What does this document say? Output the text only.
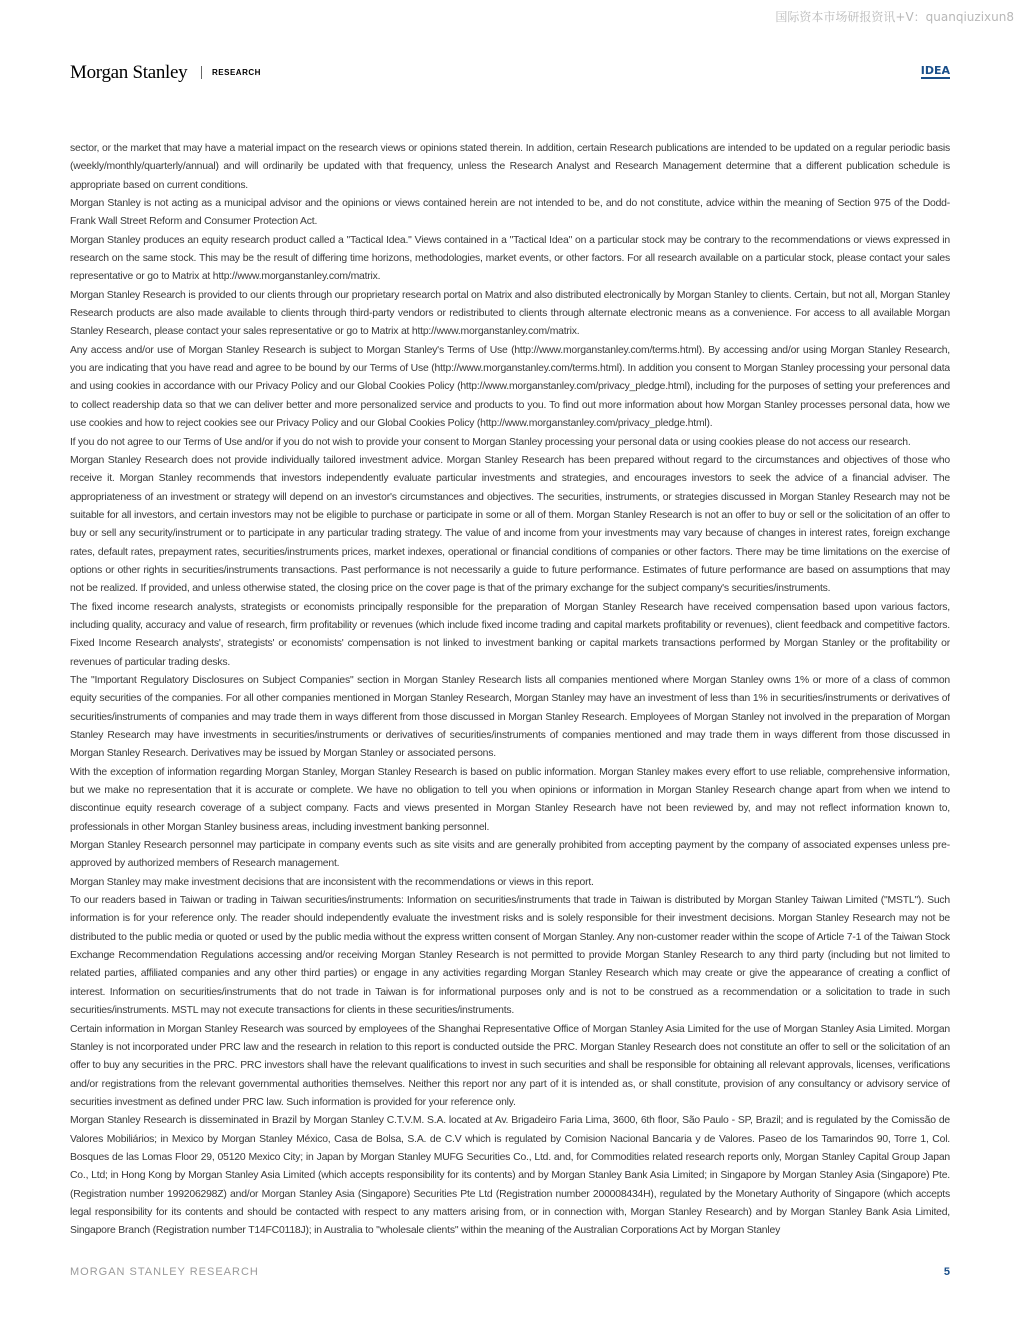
国际资本市场研报资讯+V：quanqiuzixun8
Morgan Stanley	RESEARCH	IDEA

sector, or the market that may have a material impact on the research views or opinions stated therein. In addition, certain Research publications are intended to be updated on a regular periodic basis (weekly/monthly/quarterly/annual) and will ordinarily be updated with that frequency, unless the Research Analyst and Research Management determine that a different publication schedule is appropriate based on current conditions.

Morgan Stanley is not acting as a municipal advisor and the opinions or views contained herein are not intended to be, and do not constitute, advice within the meaning of Section 975 of the Dodd-Frank Wall Street Reform and Consumer Protection Act.

Morgan Stanley produces an equity research product called a "Tactical Idea." Views contained in a "Tactical Idea" on a particular stock may be contrary to the recommendations or views expressed in research on the same stock. This may be the result of differing time horizons, methodologies, market events, or other factors. For all research available on a particular stock, please contact your sales representative or go to Matrix at http://www.morganstanley.com/matrix.

Morgan Stanley Research is provided to our clients through our proprietary research portal on Matrix and also distributed electronically by Morgan Stanley to clients. Certain, but not all, Morgan Stanley Research products are also made available to clients through third-party vendors or redistributed to clients through alternate electronic means as a convenience. For access to all available Morgan Stanley Research, please contact your sales representative or go to Matrix at http://www.morganstanley.com/matrix.

Any access and/or use of Morgan Stanley Research is subject to Morgan Stanley's Terms of Use (http://www.morganstanley.com/terms.html). By accessing and/or using Morgan Stanley Research, you are indicating that you have read and agree to be bound by our Terms of Use (http://www.morganstanley.com/terms.html). In addition you consent to Morgan Stanley processing your personal data and using cookies in accordance with our Privacy Policy and our Global Cookies Policy (http://www.morganstanley.com/privacy_pledge.html), including for the purposes of setting your preferences and to collect readership data so that we can deliver better and more personalized service and products to you. To find out more information about how Morgan Stanley processes personal data, how we use cookies and how to reject cookies see our Privacy Policy and our Global Cookies Policy (http://www.morganstanley.com/privacy_pledge.html).

If you do not agree to our Terms of Use and/or if you do not wish to provide your consent to Morgan Stanley processing your personal data or using cookies please do not access our research.

Morgan Stanley Research does not provide individually tailored investment advice. Morgan Stanley Research has been prepared without regard to the circumstances and objectives of those who receive it. Morgan Stanley recommends that investors independently evaluate particular investments and strategies, and encourages investors to seek the advice of a financial adviser. The appropriateness of an investment or strategy will depend on an investor's circumstances and objectives. The securities, instruments, or strategies discussed in Morgan Stanley Research may not be suitable for all investors, and certain investors may not be eligible to purchase or participate in some or all of them. Morgan Stanley Research is not an offer to buy or sell or the solicitation of an offer to buy or sell any security/instrument or to participate in any particular trading strategy. The value of and income from your investments may vary because of changes in interest rates, foreign exchange rates, default rates, prepayment rates, securities/instruments prices, market indexes, operational or financial conditions of companies or other factors. There may be time limitations on the exercise of options or other rights in securities/instruments transactions. Past performance is not necessarily a guide to future performance. Estimates of future performance are based on assumptions that may not be realized. If provided, and unless otherwise stated, the closing price on the cover page is that of the primary exchange for the subject company's securities/instruments.

The fixed income research analysts, strategists or economists principally responsible for the preparation of Morgan Stanley Research have received compensation based upon various factors, including quality, accuracy and value of research, firm profitability or revenues (which include fixed income trading and capital markets profitability or revenues), client feedback and competitive factors. Fixed Income Research analysts', strategists' or economists' compensation is not linked to investment banking or capital markets transactions performed by Morgan Stanley or the profitability or revenues of particular trading desks.

The "Important Regulatory Disclosures on Subject Companies" section in Morgan Stanley Research lists all companies mentioned where Morgan Stanley owns 1% or more of a class of common equity securities of the companies. For all other companies mentioned in Morgan Stanley Research, Morgan Stanley may have an investment of less than 1% in securities/instruments or derivatives of securities/instruments of companies and may trade them in ways different from those discussed in Morgan Stanley Research. Employees of Morgan Stanley not involved in the preparation of Morgan Stanley Research may have investments in securities/instruments or derivatives of securities/instruments of companies mentioned and may trade them in ways different from those discussed in Morgan Stanley Research. Derivatives may be issued by Morgan Stanley or associated persons.

With the exception of information regarding Morgan Stanley, Morgan Stanley Research is based on public information. Morgan Stanley makes every effort to use reliable, comprehensive information, but we make no representation that it is accurate or complete. We have no obligation to tell you when opinions or information in Morgan Stanley Research change apart from when we intend to discontinue equity research coverage of a subject company. Facts and views presented in Morgan Stanley Research have not been reviewed by, and may not reflect information known to, professionals in other Morgan Stanley business areas, including investment banking personnel.

Morgan Stanley Research personnel may participate in company events such as site visits and are generally prohibited from accepting payment by the company of associated expenses unless pre-approved by authorized members of Research management.

Morgan Stanley may make investment decisions that are inconsistent with the recommendations or views in this report.

To our readers based in Taiwan or trading in Taiwan securities/instruments: Information on securities/instruments that trade in Taiwan is distributed by Morgan Stanley Taiwan Limited ("MSTL"). Such information is for your reference only. The reader should independently evaluate the investment risks and is solely responsible for their investment decisions. Morgan Stanley Research may not be distributed to the public media or quoted or used by the public media without the express written consent of Morgan Stanley. Any non-customer reader within the scope of Article 7-1 of the Taiwan Stock Exchange Recommendation Regulations accessing and/or receiving Morgan Stanley Research is not permitted to provide Morgan Stanley Research to any third party (including but not limited to related parties, affiliated companies and any other third parties) or engage in any activities regarding Morgan Stanley Research which may create or give the appearance of creating a conflict of interest. Information on securities/instruments that do not trade in Taiwan is for informational purposes only and is not to be construed as a recommendation or a solicitation to trade in such securities/instruments. MSTL may not execute transactions for clients in these securities/instruments.

Certain information in Morgan Stanley Research was sourced by employees of the Shanghai Representative Office of Morgan Stanley Asia Limited for the use of Morgan Stanley Asia Limited. Morgan Stanley is not incorporated under PRC law and the research in relation to this report is conducted outside the PRC. Morgan Stanley Research does not constitute an offer to sell or the solicitation of an offer to buy any securities in the PRC. PRC investors shall have the relevant qualifications to invest in such securities and shall be responsible for obtaining all relevant approvals, licenses, verifications and/or registrations from the relevant governmental authorities themselves. Neither this report nor any part of it is intended as, or shall constitute, provision of any consultancy or advisory service of securities investment as defined under PRC law. Such information is provided for your reference only.

Morgan Stanley Research is disseminated in Brazil by Morgan Stanley C.T.V.M. S.A. located at Av. Brigadeiro Faria Lima, 3600, 6th floor, São Paulo - SP, Brazil; and is regulated by the Comissão de Valores Mobiliários; in Mexico by Morgan Stanley México, Casa de Bolsa, S.A. de C.V which is regulated by Comision Nacional Bancaria y de Valores. Paseo de los Tamarindos 90, Torre 1, Col. Bosques de las Lomas Floor 29, 05120 Mexico City; in Japan by Morgan Stanley MUFG Securities Co., Ltd. and, for Commodities related research reports only, Morgan Stanley Capital Group Japan Co., Ltd; in Hong Kong by Morgan Stanley Asia Limited (which accepts responsibility for its contents) and by Morgan Stanley Bank Asia Limited; in Singapore by Morgan Stanley Asia (Singapore) Pte. (Registration number 199206298Z) and/or Morgan Stanley Asia (Singapore) Securities Pte Ltd (Registration number 200008434H), regulated by the Monetary Authority of Singapore (which accepts legal responsibility for its contents and should be contacted with respect to any matters arising from, or in connection with, Morgan Stanley Research) and by Morgan Stanley Bank Asia Limited, Singapore Branch (Registration number T14FC0118J); in Australia to "wholesale clients" within the meaning of the Australian Corporations Act by Morgan Stanley

MORGAN STANLEY RESEARCH	5
